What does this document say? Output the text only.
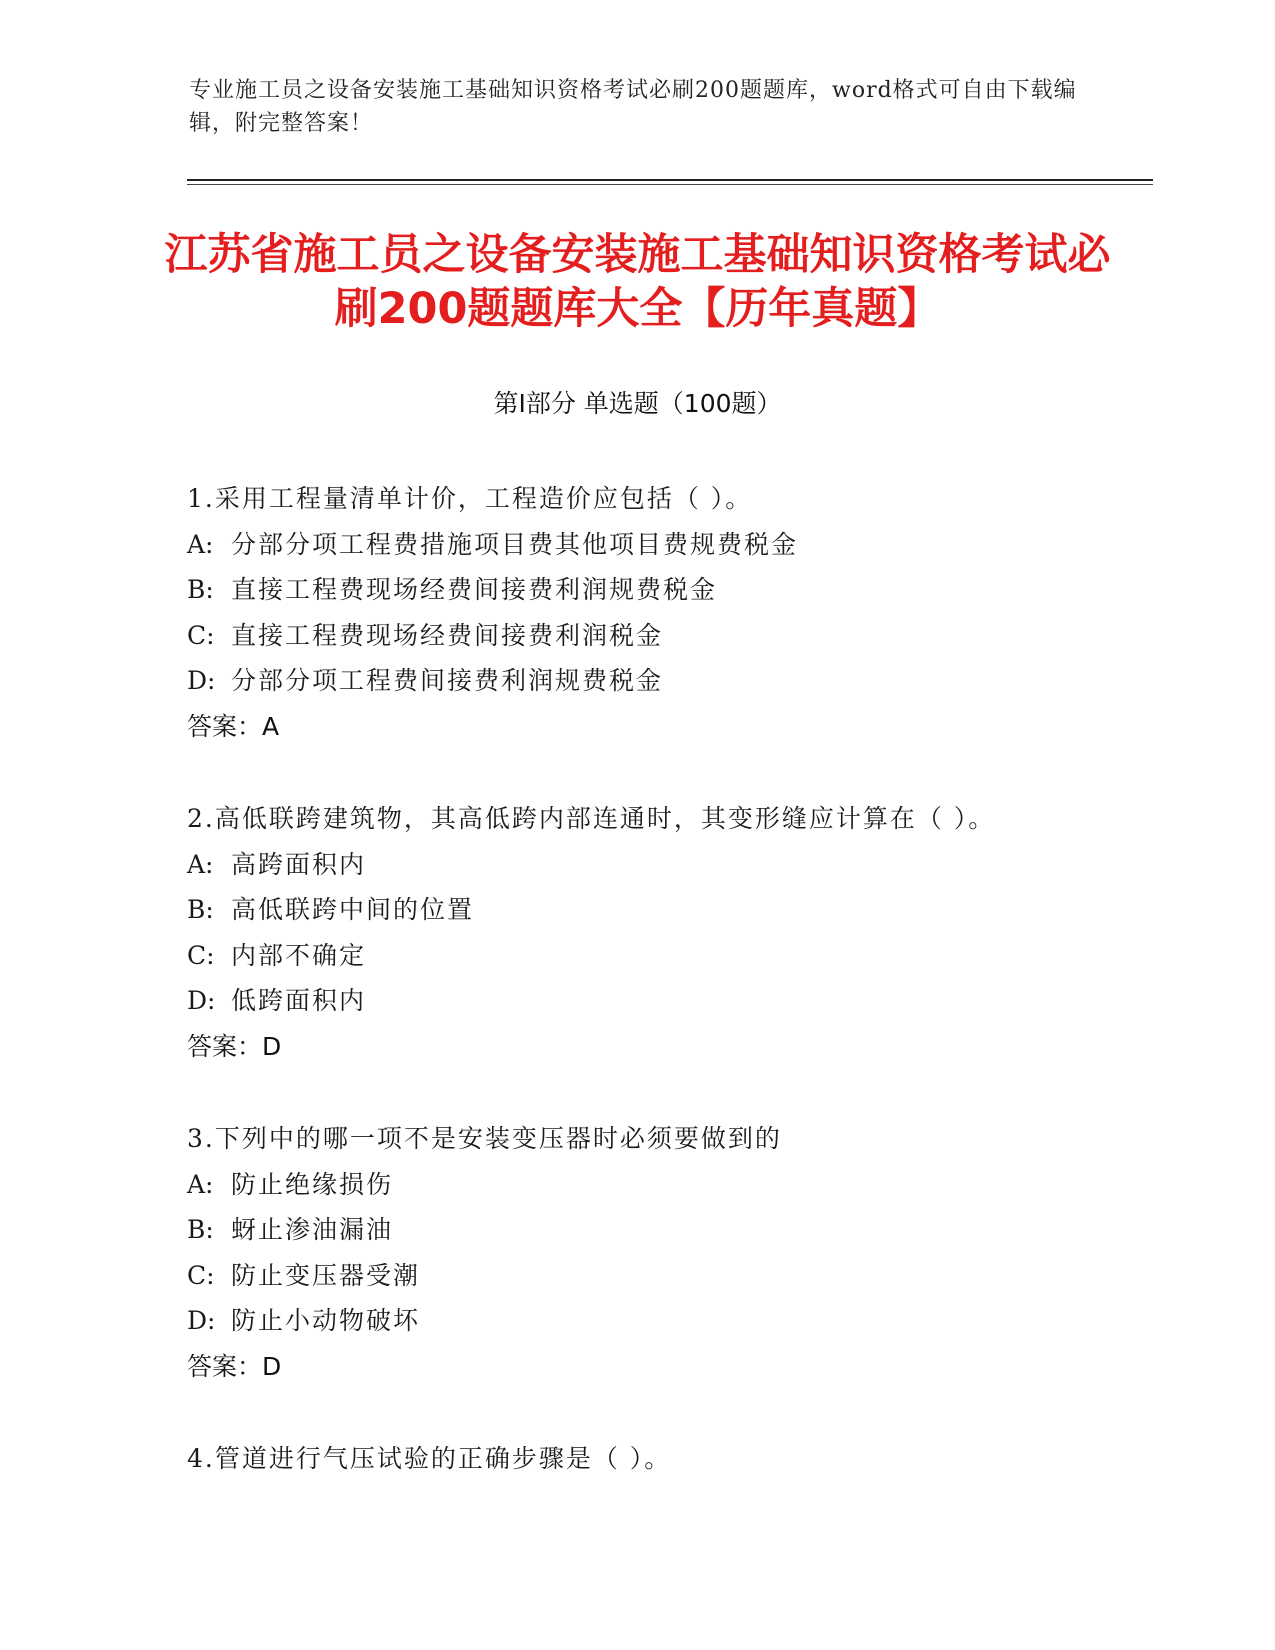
专业施工员之设备安装施工基础知识资格考试必刷200题题库，word格式可自由下载编辑，附完整答案！
江苏省施工员之设备安装施工基础知识资格考试必刷200题题库大全【历年真题】
第Ⅰ部分 单选题（100题）
1.采用工程量清单计价，工程造价应包括（ ）。
A: 分部分项工程费措施项目费其他项目费规费税金
B: 直接工程费现场经费间接费利润规费税金
C: 直接工程费现场经费间接费利润税金
D: 分部分项工程费间接费利润规费税金
答案：A
2.高低联跨建筑物，其高低跨内部连通时，其变形缝应计算在（ ）。
A: 高跨面积内
B: 高低联跨中间的位置
C: 内部不确定
D: 低跨面积内
答案：D
3.下列中的哪一项不是安装变压器时必须要做到的
A: 防止绝缘损伤
B: 蚜止渗油漏油
C: 防止变压器受潮
D: 防止小动物破坏
答案：D
4.管道进行气压试验的正确步骤是（ ）。
